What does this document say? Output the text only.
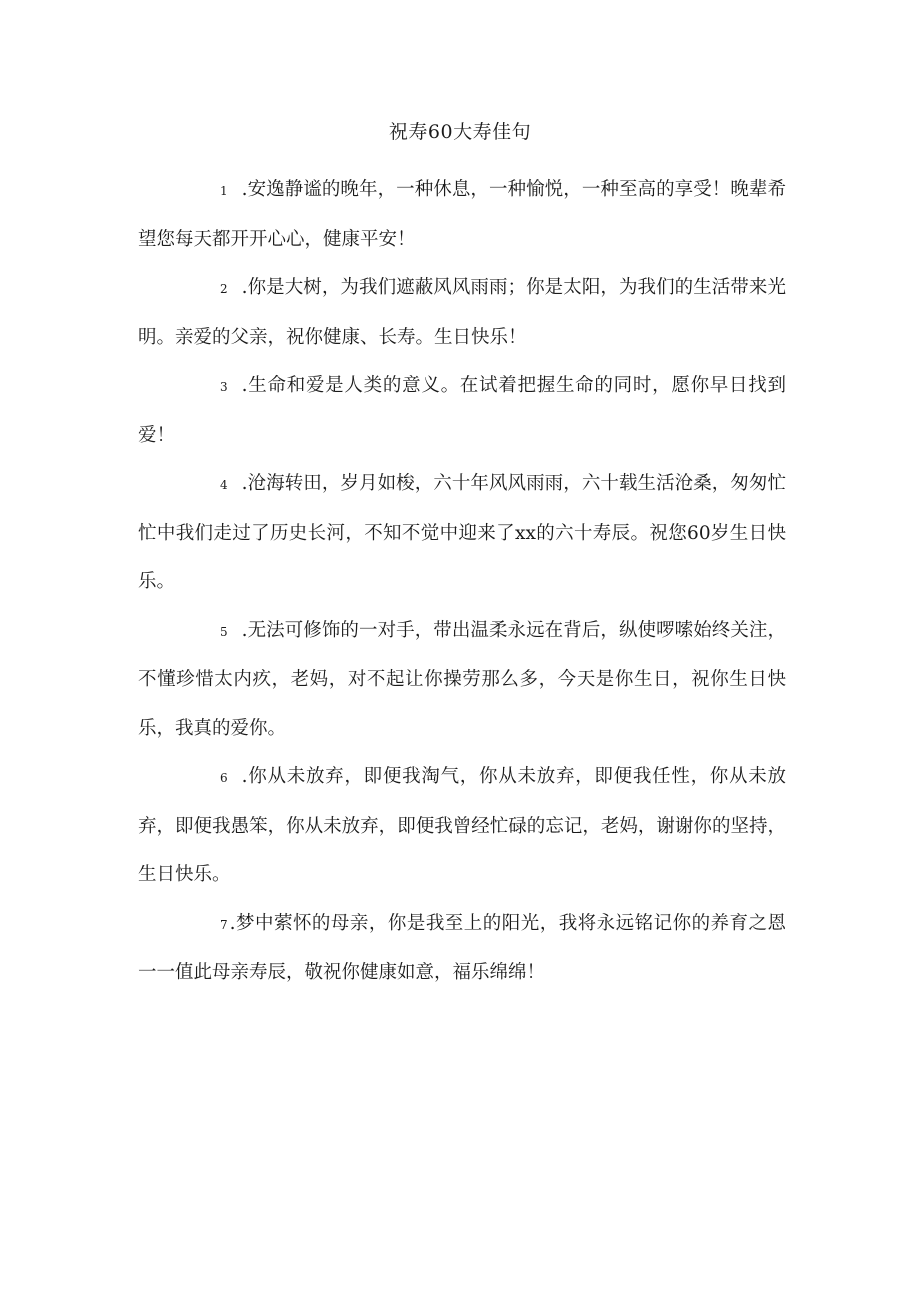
祝寿60大寿佳句

1 .安逸静谧的晚年，一种休息，一种愉悦，一种至高的享受！晚辈希望您每天都开开心心，健康平安！

2 .你是大树，为我们遮蔽风风雨雨；你是太阳，为我们的生活带来光明。亲爱的父亲，祝你健康、长寿。生日快乐！

3 .生命和爱是人类的意义。在试着把握生命的同时，愿你早日找到爱！

4 .沧海转田，岁月如梭，六十年风风雨雨，六十载生活沧桑，匆匆忙忙中我们走过了历史长河，不知不觉中迎来了xx的六十寿辰。祝您60岁生日快乐。

5 .无法可修饰的一对手，带出温柔永远在背后，纵使啰嗦始终关注，不懂珍惜太内疚，老妈，对不起让你操劳那么多，今天是你生日，祝你生日快乐，我真的爱你。

6 .你从未放弃，即便我淘气，你从未放弃，即便我任性，你从未放弃，即便我愚笨，你从未放弃，即便我曾经忙碌的忘记，老妈，谢谢你的坚持，生日快乐。

7 .梦中萦怀的母亲，你是我至上的阳光，我将永远铭记你的养育之恩一一值此母亲寿辰，敬祝你健康如意，福乐绵绵！
